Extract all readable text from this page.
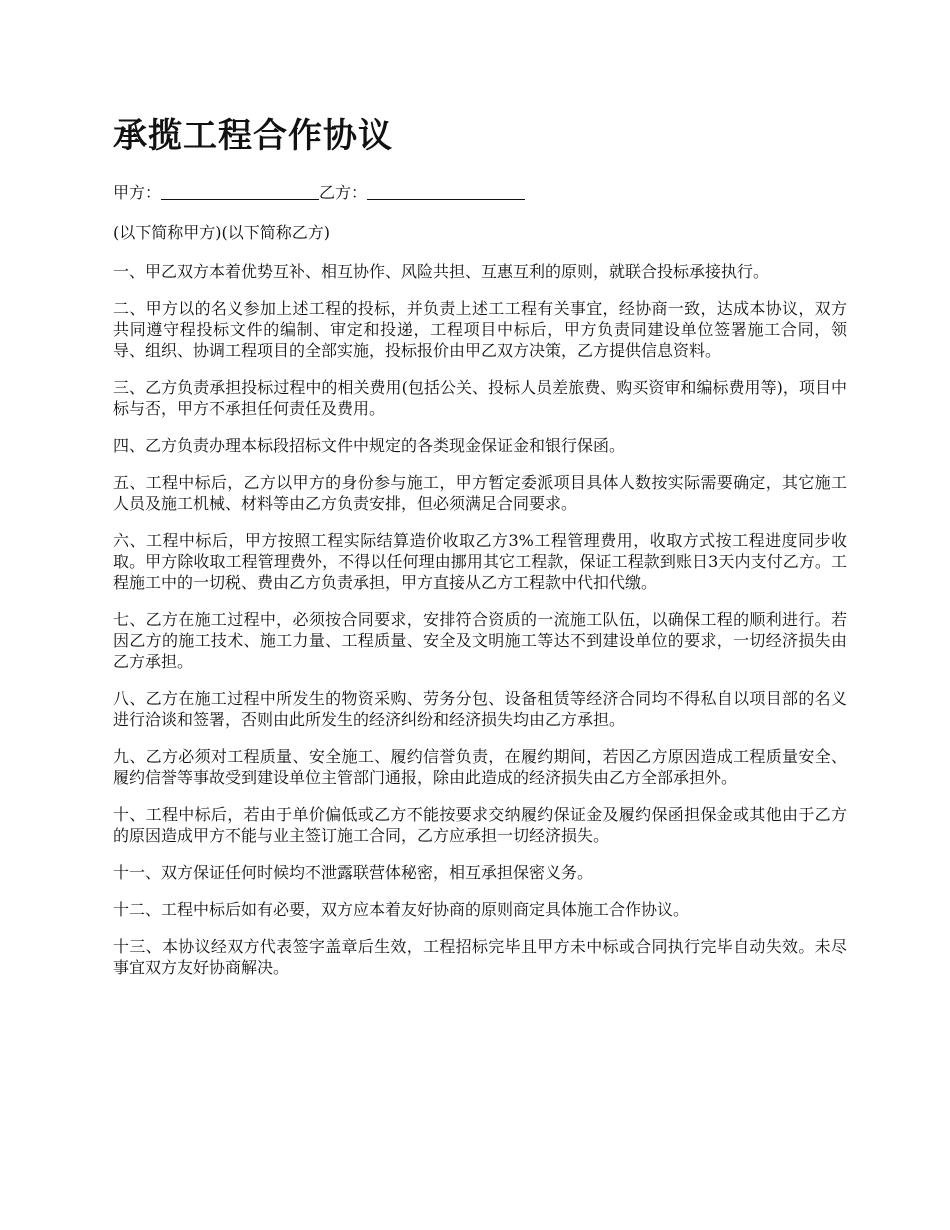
承揽工程合作协议
甲方：	乙方：

(以下简称甲方)(以下简称乙方)

一、甲乙双方本着优势互补、相互协作、风险共担、互惠互利的原则，就联合投标承接执行。

二、甲方以的名义参加上述工程的投标，并负责上述工工程有关事宜，经协商一致，达成本协议，双方共同遵守程投标文件的编制、审定和投递，工程项目中标后，甲方负责同建设单位签署施工合同，领导、组织、协调工程项目的全部实施，投标报价由甲乙双方决策，乙方提供信息资料。

三、乙方负责承担投标过程中的相关费用(包括公关、投标人员差旅费、购买资审和编标费用等)，项目中标与否，甲方不承担任何责任及费用。

四、乙方负责办理本标段招标文件中规定的各类现金保证金和银行保函。

五、工程中标后，乙方以甲方的身份参与施工，甲方暂定委派项目具体人数按实际需要确定，其它施工人员及施工机械、材料等由乙方负责安排，但必须满足合同要求。

六、工程中标后，甲方按照工程实际结算造价收取乙方3%工程管理费用，收取方式按工程进度同步收取。甲方除收取工程管理费外，不得以任何理由挪用其它工程款，保证工程款到账日3天内支付乙方。工程施工中的一切税、费由乙方负责承担，甲方直接从乙方工程款中代扣代缴。

七、乙方在施工过程中，必须按合同要求，安排符合资质的一流施工队伍，以确保工程的顺利进行。若因乙方的施工技术、施工力量、工程质量、安全及文明施工等达不到建设单位的要求，一切经济损失由乙方承担。

八、乙方在施工过程中所发生的物资采购、劳务分包、设备租赁等经济合同均不得私自以项目部的名义进行洽谈和签署，否则由此所发生的经济纠纷和经济损失均由乙方承担。

九、乙方必须对工程质量、安全施工、履约信誉负责，在履约期间，若因乙方原因造成工程质量安全、履约信誉等事故受到建设单位主管部门通报，除由此造成的经济损失由乙方全部承担外。

十、工程中标后，若由于单价偏低或乙方不能按要求交纳履约保证金及履约保函担保金或其他由于乙方的原因造成甲方不能与业主签订施工合同，乙方应承担一切经济损失。

十一、双方保证任何时候均不泄露联营体秘密，相互承担保密义务。

十二、工程中标后如有必要，双方应本着友好协商的原则商定具体施工合作协议。

十三、本协议经双方代表签字盖章后生效，工程招标完毕且甲方未中标或合同执行完毕自动失效。未尽事宜双方友好协商解决。
